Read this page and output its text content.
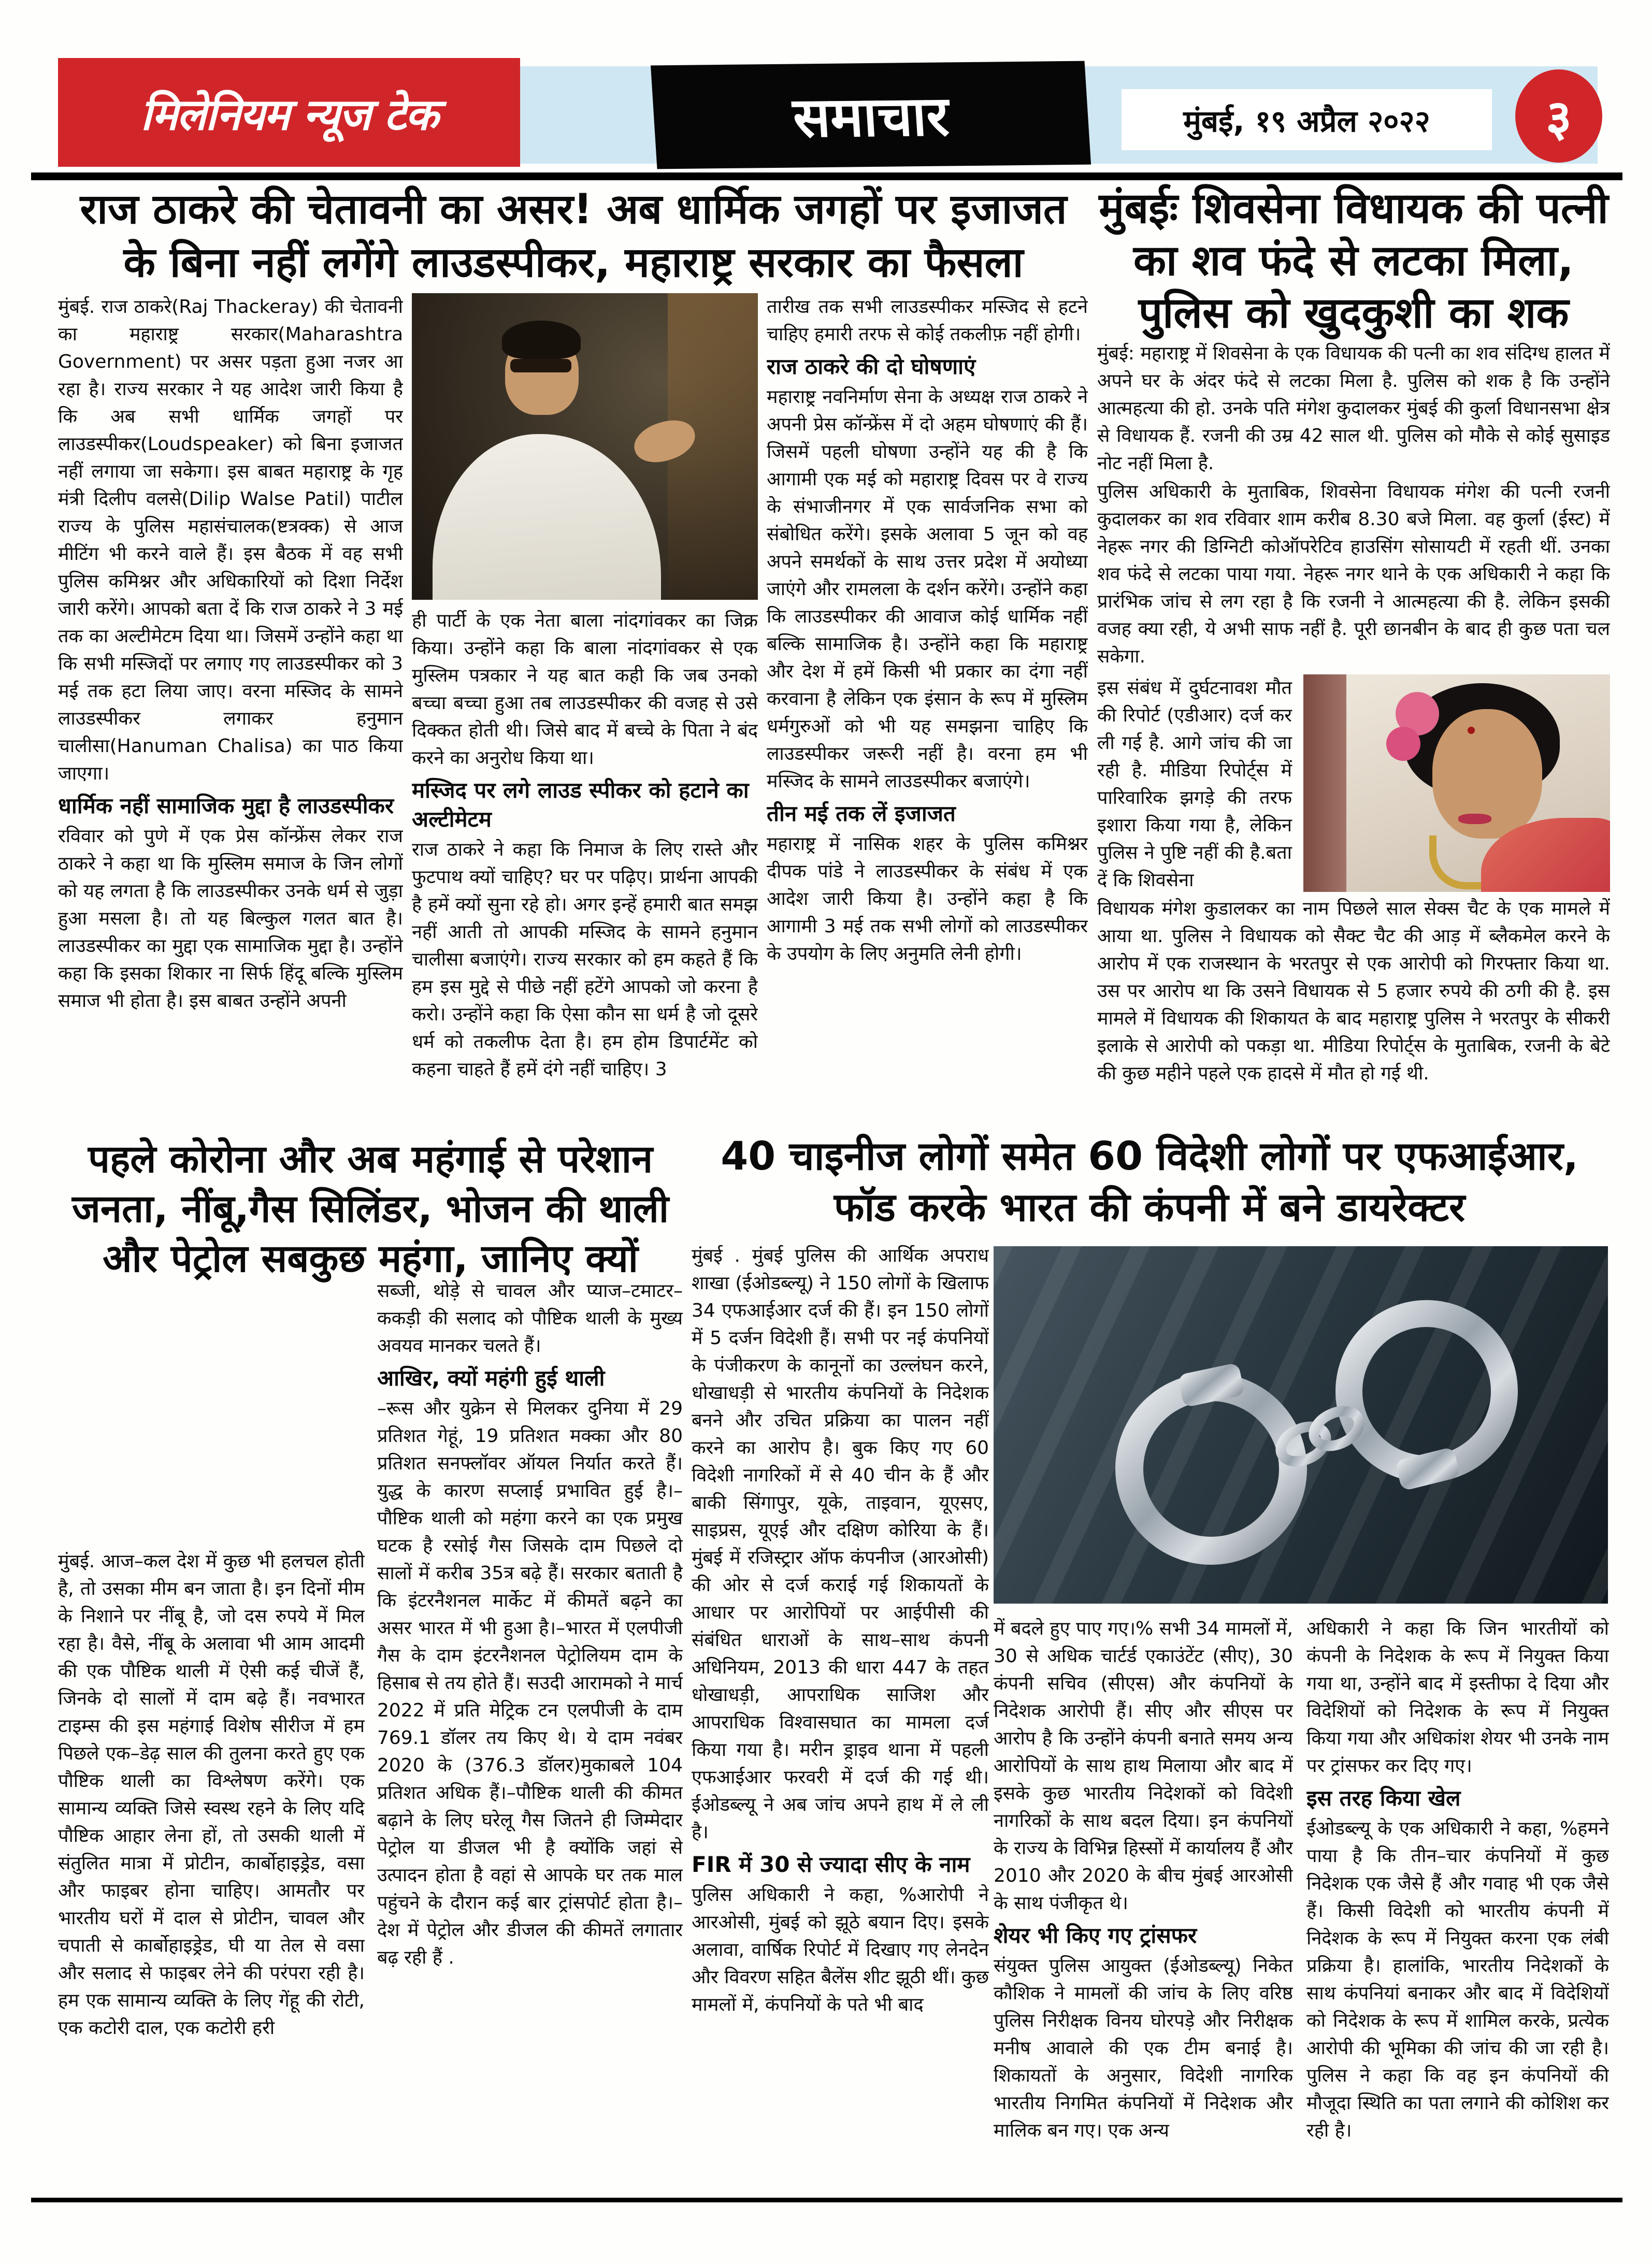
मिलेनियम न्यूज टेक	समाचार	मुंबई, १९ अप्रैल २०२२ ३
राज ठाकरे की चेतावनी का असर! अब धार्मिक जगहों पर इजाजत के बिना नहीं लगेंगे लाउडस्पीकर, महाराष्ट्र सरकार का फैसला

मुंबई. राज ठाकरे(Raj Thackeray) की चेतावनी का महाराष्ट्र सरकार(Maharashtra Government) पर असर पड़ता हुआ नजर आ रहा है। राज्य सरकार ने यह आदेश जारी किया है कि अब सभी धार्मिक जगहों पर लाउडस्पीकर(Loudspeaker) को बिना इजाजत नहीं लगाया जा सकेगा। इस बाबत महाराष्ट्र के गृह मंत्री दिलीप वलसे(Dilip Walse Patil) पाटील राज्य के पुलिस महासंचालक(ष्टत्रक्क) से आज मीटिंग भी करने वाले हैं। इस बैठक में वह सभी पुलिस कमिश्नर और अधिकारियों को दिशा निर्देश जारी करेंगे। आपको बता दें कि राज ठाकरे ने 3 मई तक का अल्टीमेटम दिया था। जिसमें उन्होंने कहा था कि सभी मस्जिदों पर लगाए गए लाउडस्पीकर को 3 मई तक हटा लिया जाए। वरना मस्जिद के सामने लाउडस्पीकर लगाकर हनुमान चालीसा(Hanuman Chalisa) का पाठ किया जाएगा।

धार्मिक नहीं सामाजिक मुद्दा है लाउडस्पीकर

रविवार को पुणे में एक प्रेस कॉन्फ्रेंस लेकर राज ठाकरे ने कहा था कि मुस्लिम समाज के जिन लोगों को यह लगता है कि लाउडस्पीकर उनके धर्म से जुड़ा हुआ मसला है। तो यह बिल्कुल गलत बात है। लाउडस्पीकर का मुद्दा एक सामाजिक मुद्दा है। उन्होंने कहा कि इसका शिकार ना सिर्फ हिंदू बल्कि मुस्लिम समाज भी होता है। इस बाबत उन्होंने अपनी

ही पार्टी के एक नेता बाला नांदगांवकर का जिक्र किया। उन्होंने कहा कि बाला नांदगांवकर से एक मुस्लिम पत्रकार ने यह बात कही कि जब उनको बच्चा बच्चा हुआ तब लाउडस्पीकर की वजह से उसे दिक्कत होती थी। जिसे बाद में बच्चे के पिता ने बंद करने का अनुरोध किया था।

मस्जिद पर लगे लाउड स्पीकर को हटाने का अल्टीमेटम

राज ठाकरे ने कहा कि निमाज के लिए रास्ते और फुटपाथ क्यों चाहिए? घर पर पढ़िए। प्रार्थना आपकी है हमें क्यों सुना रहे हो। अगर इन्हें हमारी बात समझ नहीं आती तो आपकी मस्जिद के सामने हनुमान चालीसा बजाएंगे। राज्य सरकार को हम कहते हैं कि हम इस मुद्दे से पीछे नहीं हटेंगे आपको जो करना है करो। उन्होंने कहा कि ऐसा कौन सा धर्म है जो दूसरे धर्म को तकलीफ देता है। हम होम डिपार्टमेंट को कहना चाहते हैं हमें दंगे नहीं चाहिए। 3

तारीख तक सभी लाउडस्पीकर मस्जिद से हटने चाहिए हमारी तरफ से कोई तकलीफ़ नहीं होगी।

राज ठाकरे की दो घोषणाएं

महाराष्ट्र नवनिर्माण सेना के अध्यक्ष राज ठाकरे ने अपनी प्रेस कॉन्फ्रेंस में दो अहम घोषणाएं की हैं। जिसमें पहली घोषणा उन्होंने यह की है कि आगामी एक मई को महाराष्ट्र दिवस पर वे राज्य के संभाजीनगर में एक सार्वजनिक सभा को संबोधित करेंगे। इसके अलावा 5 जून को वह अपने समर्थकों के साथ उत्तर प्रदेश में अयोध्या जाएंगे और रामलला के दर्शन करेंगे। उन्होंने कहा कि लाउडस्पीकर की आवाज कोई धार्मिक नहीं बल्कि सामाजिक है। उन्होंने कहा कि महाराष्ट्र और देश में हमें किसी भी प्रकार का दंगा नहीं करवाना है लेकिन एक इंसान के रूप में मुस्लिम धर्मगुरुओं को भी यह समझना चाहिए कि लाउडस्पीकर जरूरी नहीं है। वरना हम भी मस्जिद के सामने लाउडस्पीकर बजाएंगे।

तीन मई तक लें इजाजत

महाराष्ट्र में नासिक शहर के पुलिस कमिश्नर दीपक पांडे ने लाउडस्पीकर के संबंध में एक आदेश जारी किया है। उन्होंने कहा है कि आगामी 3 मई तक सभी लोगों को लाउडस्पीकर के उपयोग के लिए अनुमति लेनी होगी।

मुंबईः शिवसेना विधायक की पत्नी का शव फंदे से लटका मिला, पुलिस को खुदकुशी का शक

मुंबई: महाराष्ट्र में शिवसेना के एक विधायक की पत्नी का शव संदिग्ध हालत में अपने घर के अंदर फंदे से लटका मिला है. पुलिस को शक है कि उन्होंने आत्महत्या की हो. उनके पति मंगेश कुदालकर मुंबई की कुर्ला विधानसभा क्षेत्र से विधायक हैं. रजनी की उम्र 42 साल थी. पुलिस को मौके से कोई सुसाइड नोट नहीं मिला है.

पुलिस अधिकारी के मुताबिक, शिवसेना विधायक मंगेश की पत्नी रजनी कुदालकर का शव रविवार शाम करीब 8.30 बजे मिला. वह कुर्ला (ईस्ट) में नेहरू नगर की डिग्निटी कोऑपरेटिव हाउसिंग सोसायटी में रहती थीं. उनका शव फंदे से लटका पाया गया. नेहरू नगर थाने के एक अधिकारी ने कहा कि प्रारंभिक जांच से लग रहा है कि रजनी ने आत्महत्या की है. लेकिन इसकी वजह क्या रही, ये अभी साफ नहीं है. पूरी छानबीन के बाद ही कुछ पता चल सकेगा.

इस संबंध में दुर्घटनावश मौत की रिपोर्ट (एडीआर) दर्ज कर ली गई है. आगे जांच की जा रही है. मीडिया रिपोर्ट्स में पारिवारिक झगड़े की तरफ इशारा किया गया है, लेकिन पुलिस ने पुष्टि नहीं की है.बता दें कि शिवसेना

विधायक मंगेश कुडालकर का नाम पिछले साल सेक्स चैट के एक मामले में आया था. पुलिस ने विधायक को सैक्ट चैट की आड़ में ब्लैकमेल करने के आरोप में एक राजस्थान के भरतपुर से एक आरोपी को गिरफ्तार किया था. उस पर आरोप था कि उसने विधायक से 5 हजार रुपये की ठगी की है. इस मामले में विधायक की शिकायत के बाद महाराष्ट्र पुलिस ने भरतपुर के सीकरी इलाके से आरोपी को पकड़ा था. मीडिया रिपोर्ट्स के मुताबिक, रजनी के बेटे की कुछ महीने पहले एक हादसे में मौत हो गई थी.

पहले कोरोना और अब महंगाई से परेशान जनता, नींबू,गैस सिलिंडर, भोजन की थाली और पेट्रोल सबकुछ महंगा, जानिए क्यों

मुंबई. आज–कल देश में कुछ भी हलचल होती है, तो उसका मीम बन जाता है। इन दिनों मीम के निशाने पर नींबू है, जो दस रुपये में मिल रहा है। वैसे, नींबू के अलावा भी आम आदमी की एक पौष्टिक थाली में ऐसी कई चीजें हैं, जिनके दो सालों में दाम बढ़े हैं। नवभारत टाइम्स की इस महंगाई विशेष सीरीज में हम पिछले एक–डेढ़ साल की तुलना करते हुए एक पौष्टिक थाली का विश्लेषण करेंगे। एक सामान्य व्यक्ति जिसे स्वस्थ रहने के लिए यदि पौष्टिक आहार लेना हों, तो उसकी थाली में संतुलित मात्रा में प्रोटीन, कार्बोहाइड्रेड, वसा और फाइबर होना चाहिए। आमतौर पर भारतीय घरों में दाल से प्रोटीन, चावल और चपाती से कार्बोहाइड्रेड, घी या तेल से वसा और सलाद से फाइबर लेने की परंपरा रही है। हम एक सामान्य व्यक्ति के लिए गेंहू की रोटी, एक कटोरी दाल, एक कटोरी हरी

सब्जी, थोड़े से चावल और प्याज–टमाटर–ककड़ी की सलाद को पौष्टिक थाली के मुख्य अवयव मानकर चलते हैं।

आखिर, क्यों महंगी हुई थाली

–रूस और युक्रेन से मिलकर दुनिया में 29 प्रतिशत गेहूं, 19 प्रतिशत मक्का और 80 प्रतिशत सनफ्लॉवर ऑयल निर्यात करते हैं। युद्ध के कारण सप्लाई प्रभावित हुई है।–पौष्टिक थाली को महंगा करने का एक प्रमुख घटक है रसोई गैस जिसके दाम पिछले दो सालों में करीब 35त्र बढ़े हैं। सरकार बताती है कि इंटरनैशनल मार्केट में कीमतें बढ़ने का असर भारत में भी हुआ है।–भारत में एलपीजी गैस के दाम इंटरनैशनल पेट्रोलियम दाम के हिसाब से तय होते हैं। सउदी आरामको ने मार्च 2022 में प्रति मेट्रिक टन एलपीजी के दाम 769.1 डॉलर तय किए थे। ये दाम नवंबर 2020 के (376.3 डॉलर)मुकाबले 104 प्रतिशत अधिक हैं।–पौष्टिक थाली की कीमत बढ़ाने के लिए घरेलू गैस जितने ही जिम्मेदार पेट्रोल या डीजल भी है क्योंकि जहां से उत्पादन होता है वहां से आपके घर तक माल पहुंचने के दौरान कई बार ट्रांसपोर्ट होता है।–देश में पेट्रोल और डीजल की कीमतें लगातार बढ़ रही हैं .

40 चाइनीज लोगों समेत 60 विदेशी लोगों पर एफआईआर, फॉड करके भारत की कंपनी में बने डायरेक्टर

मुंबई . मुंबई पुलिस की आर्थिक अपराध शाखा (ईओडब्ल्यू) ने 150 लोगों के खिलाफ 34 एफआईआर दर्ज की हैं। इन 150 लोगों में 5 दर्जन विदेशी हैं। सभी पर नई कंपनियों के पंजीकरण के कानूनों का उल्लंघन करने, धोखाधड़ी से भारतीय कंपनियों के निदेशक बनने और उचित प्रक्रिया का पालन नहीं करने का आरोप है। बुक किए गए 60 विदेशी नागरिकों में से 40 चीन के हैं और बाकी सिंगापुर, यूके, ताइवान, यूएसए, साइप्रस, यूएई और दक्षिण कोरिया के हैं।मुंबई में रजिस्ट्रार ऑफ कंपनीज (आरओसी) की ओर से दर्ज कराई गई शिकायतों के आधार पर आरोपियों पर आईपीसी की संबंधित धाराओं के साथ–साथ कंपनी अधिनियम, 2013 की धारा 447 के तहत धोखाधड़ी, आपराधिक साजिश और आपराधिक विश्वासघात का मामला दर्ज किया गया है। मरीन ड्राइव थाना में पहली एफआईआर फरवरी में दर्ज की गई थी। ईओडब्ल्यू ने अब जांच अपने हाथ में ले ली है।

FIR में 30 से ज्यादा सीए के नाम

पुलिस अधिकारी ने कहा, %आरोपी ने आरओसी, मुंबई को झूठे बयान दिए। इसके अलावा, वार्षिक रिपोर्ट में दिखाए गए लेनदेन और विवरण सहित बैलेंस शीट झूठी थीं। कुछ मामलों में, कंपनियों के पते भी बाद

में बदले हुए पाए गए।% सभी 34 मामलों में, 30 से अधिक चार्टर्ड एकाउंटेंट (सीए), 30 कंपनी सचिव (सीएस) और कंपनियों के निदेशक आरोपी हैं। सीए और सीएस पर आरोप है कि उन्होंने कंपनी बनाते समय अन्य आरोपियों के साथ हाथ मिलाया और बाद में इसके कुछ भारतीय निदेशकों को विदेशी नागरिकों के साथ बदल दिया। इन कंपनियों के राज्य के विभिन्न हिस्सों में कार्यालय हैं और 2010 और 2020 के बीच मुंबई आरओसी के साथ पंजीकृत थे।

शेयर भी किए गए ट्रांसफर

संयुक्त पुलिस आयुक्त (ईओडब्ल्यू) निकेत कौशिक ने मामलों की जांच के लिए वरिष्ठ पुलिस निरीक्षक विनय घोरपड़े और निरीक्षक मनीष आवाले की एक टीम बनाई है। शिकायतों के अनुसार, विदेशी नागरिक भारतीय निगमित कंपनियों में निदेशक और मालिक बन गए। एक अन्य

अधिकारी ने कहा कि जिन भारतीयों को कंपनी के निदेशक के रूप में नियुक्त किया गया था, उन्होंने बाद में इस्तीफा दे दिया और विदेशियों को निदेशक के रूप में नियुक्त किया गया और अधिकांश शेयर भी उनके नाम पर ट्रांसफर कर दिए गए।

इस तरह किया खेल

ईओडब्ल्यू के एक अधिकारी ने कहा, %हमने पाया है कि तीन–चार कंपनियों में कुछ निदेशक एक जैसे हैं और गवाह भी एक जैसे हैं। किसी विदेशी को भारतीय कंपनी में निदेशक के रूप में नियुक्त करना एक लंबी प्रक्रिया है। हालांकि, भारतीय निदेशकों के साथ कंपनियां बनाकर और बाद में विदेशियों को निदेशक के रूप में शामिल करके, प्रत्येक आरोपी की भूमिका की जांच की जा रही है। पुलिस ने कहा कि वह इन कंपनियों की मौजूदा स्थिति का पता लगाने की कोशिश कर रही है।
